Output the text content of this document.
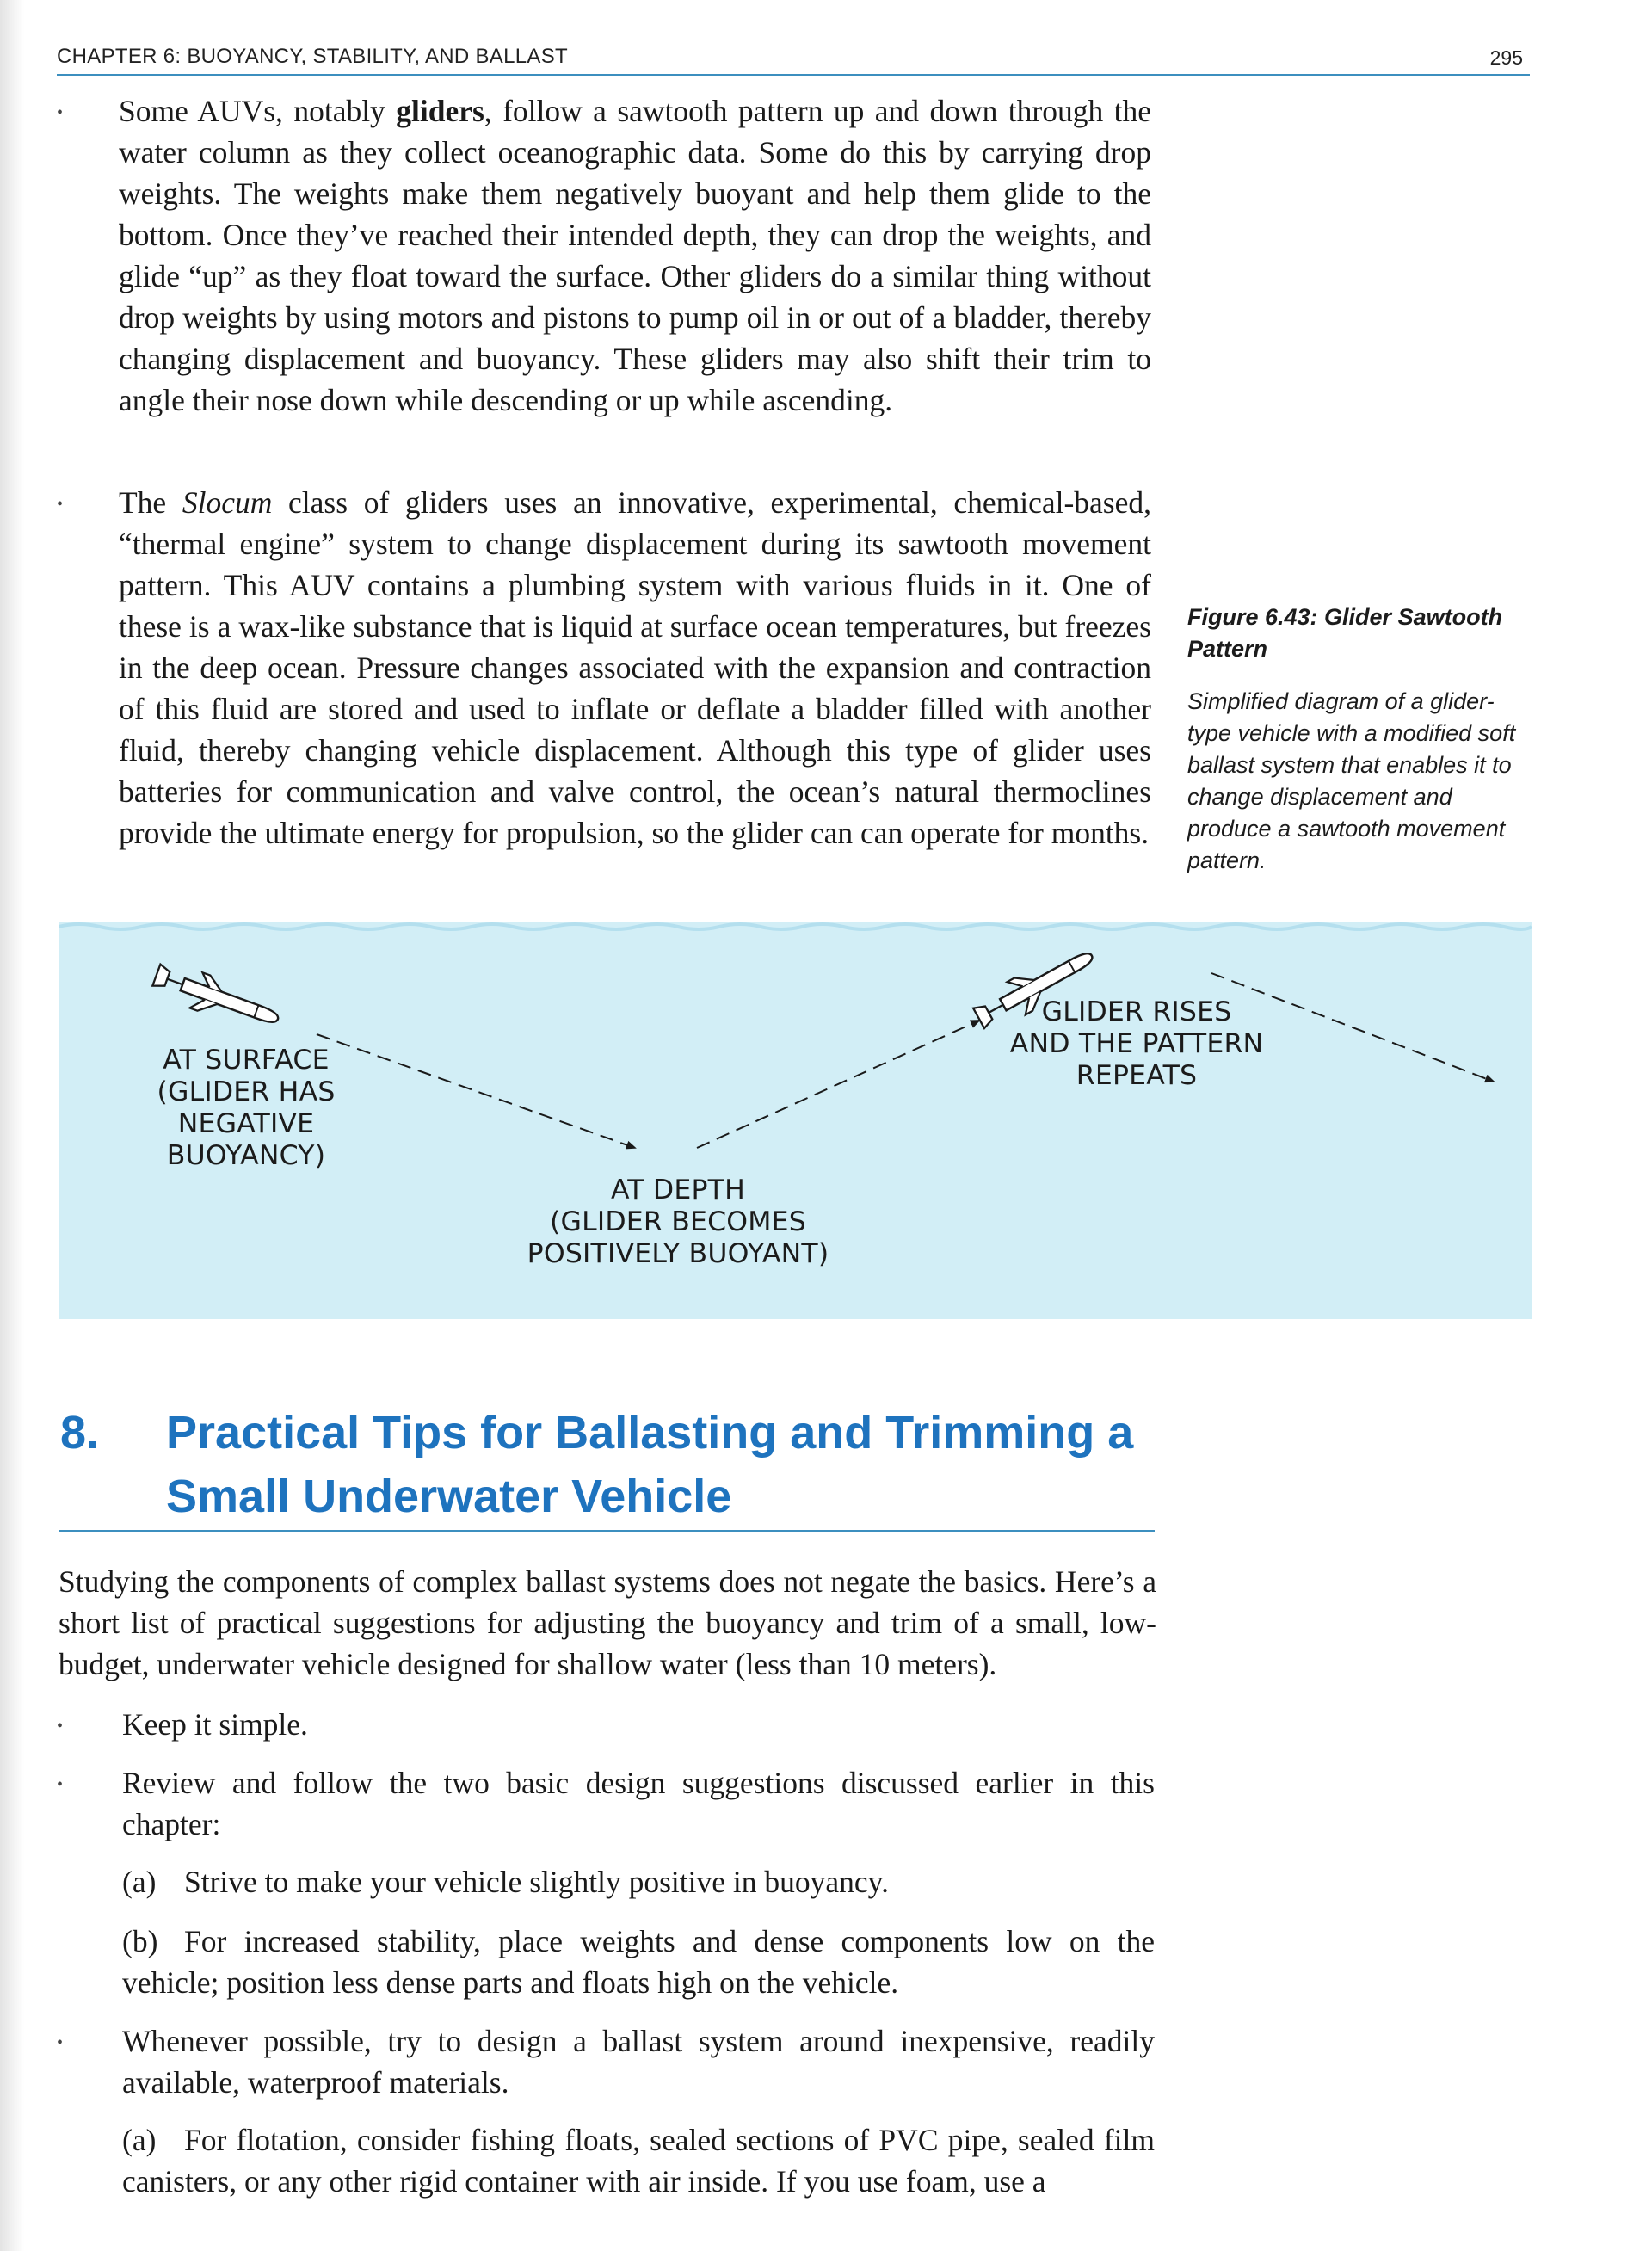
CHAPTER 6: BUOYANCY, STABILITY, AND BALLAST	295
• Some AUVs, notably gliders, follow a sawtooth pattern up and down through the water column as they collect oceanographic data. Some do this by carrying drop weights. The weights make them negatively buoyant and help them glide to the bottom. Once they’ve reached their intended depth, they can drop the weights, and glide “up” as they float toward the surface. Other gliders do a similar thing without drop weights by using motors and pistons to pump oil in or out of a bladder, thereby changing displacement and buoyancy. These gliders may also shift their trim to angle their nose down while descending or up while ascending.

• The Slocum class of gliders uses an innovative, experimental, chemical-based, “thermal engine” system to change displacement during its sawtooth movement pattern. This AUV contains a plumbing system with various fluids in it. One of these is a wax-like substance that is liquid at surface ocean temperatures, but freezes in the deep ocean. Pressure changes associated with the expansion and contraction of this fluid are stored and used to inflate or deflate a bladder filled with another fluid, thereby changing vehicle displacement. Although this type of glider uses batteries for communication and valve control, the ocean’s natural thermoclines provide the ultimate energy for propulsion, so the glider can can operate for months.

Figure 6.43: Glider Sawtooth Pattern
Simplified diagram of a glider-type vehicle with a modified soft ballast system that enables it to change displacement and produce a sawtooth movement pattern.
AT SURFACE
(GLIDER HAS
NEGATIVE
BUOYANCY)
AT DEPTH
(GLIDER BECOMES
POSITIVELY BUOYANT)
GLIDER RISES
AND THE PATTERN
REPEATS
8. Practical Tips for Ballasting and Trimming a Small Underwater Vehicle

Studying the components of complex ballast systems does not negate the basics. Here’s a short list of practical suggestions for adjusting the buoyancy and trim of a small, low-budget, underwater vehicle designed for shallow water (less than 10 meters).

• Keep it simple.

• Review and follow the two basic design suggestions discussed earlier in this chapter:

(a) Strive to make your vehicle slightly positive in buoyancy.

(b) For increased stability, place weights and dense components low on the vehicle; position less dense parts and floats high on the vehicle.

• Whenever possible, try to design a ballast system around inexpensive, readily available, waterproof materials.

(a) For flotation, consider fishing floats, sealed sections of PVC pipe, sealed film canisters, or any other rigid container with air inside. If you use foam, use a
